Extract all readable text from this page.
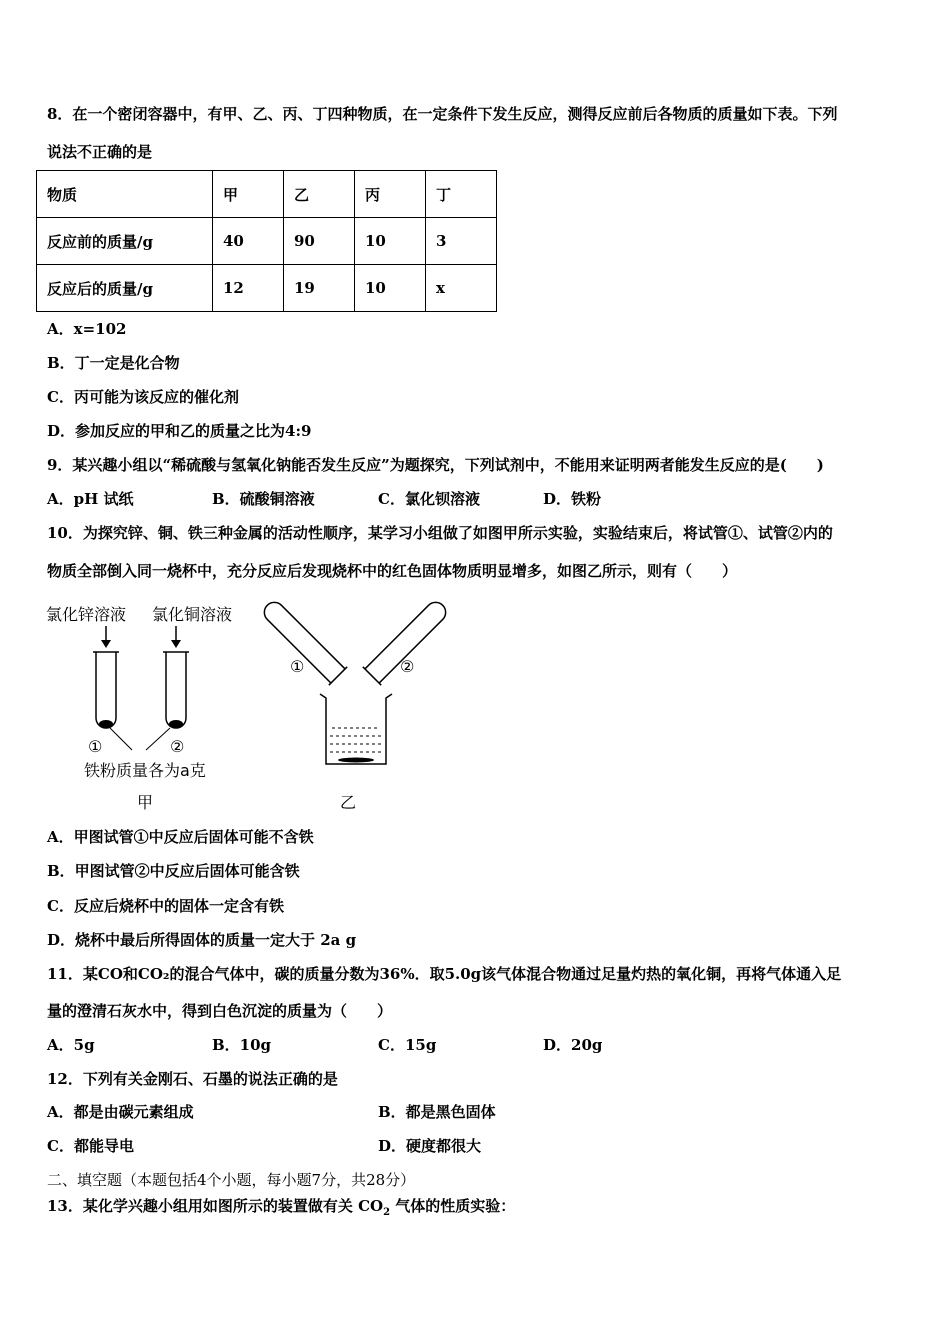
8．在一个密闭容器中，有甲、乙、丙、丁四种物质，在一定条件下发生反应，测得反应前后各物质的质量如下表。下列
说法不正确的是
物质	甲	乙	丙	丁
反应前的质量/g	40	90	10	3
反应后的质量/g	12	19	10	x
A．x=102
B．丁一定是化合物
C．丙可能为该反应的催化剂
D．参加反应的甲和乙的质量之比为4:9
9．某兴趣小组以“稀硫酸与氢氧化钠能否发生反应”为题探究，下列试剂中，不能用来证明两者能发生反应的是(　　)
A．pH 试纸	B．硫酸铜溶液	C．氯化钡溶液	D．铁粉
10．为探究锌、铜、铁三种金属的活动性顺序，某学习小组做了如图甲所示实验，实验结束后，将试管①、试管②内的
物质全部倒入同一烧杯中，充分反应后发现烧杯中的红色固体物质明显增多，如图乙所示，则有（　　）
氯化锌溶液 氯化铜溶液
①	②
铁粉质量各为a克
甲
①	②
乙
A．甲图试管①中反应后固体可能不含铁
B．甲图试管②中反应后固体可能含铁
C．反应后烧杯中的固体一定含有铁
D．烧杯中最后所得固体的质量一定大于 2a g
11．某CO和CO₂的混合气体中，碳的质量分数为36%．取5.0g该气体混合物通过足量灼热的氧化铜，再将气体通入足
量的澄清石灰水中，得到白色沉淀的质量为（　　）
A．5g	B．10g	C．15g	D．20g
12．下列有关金刚石、石墨的说法正确的是
A．都是由碳元素组成	B．都是黑色固体
C．都能导电	D．硬度都很大
二、填空题（本题包括4个小题，每小题7分，共28分）
13．某化学兴趣小组用如图所示的装置做有关 $CO_2$ 气体的性质实验：
